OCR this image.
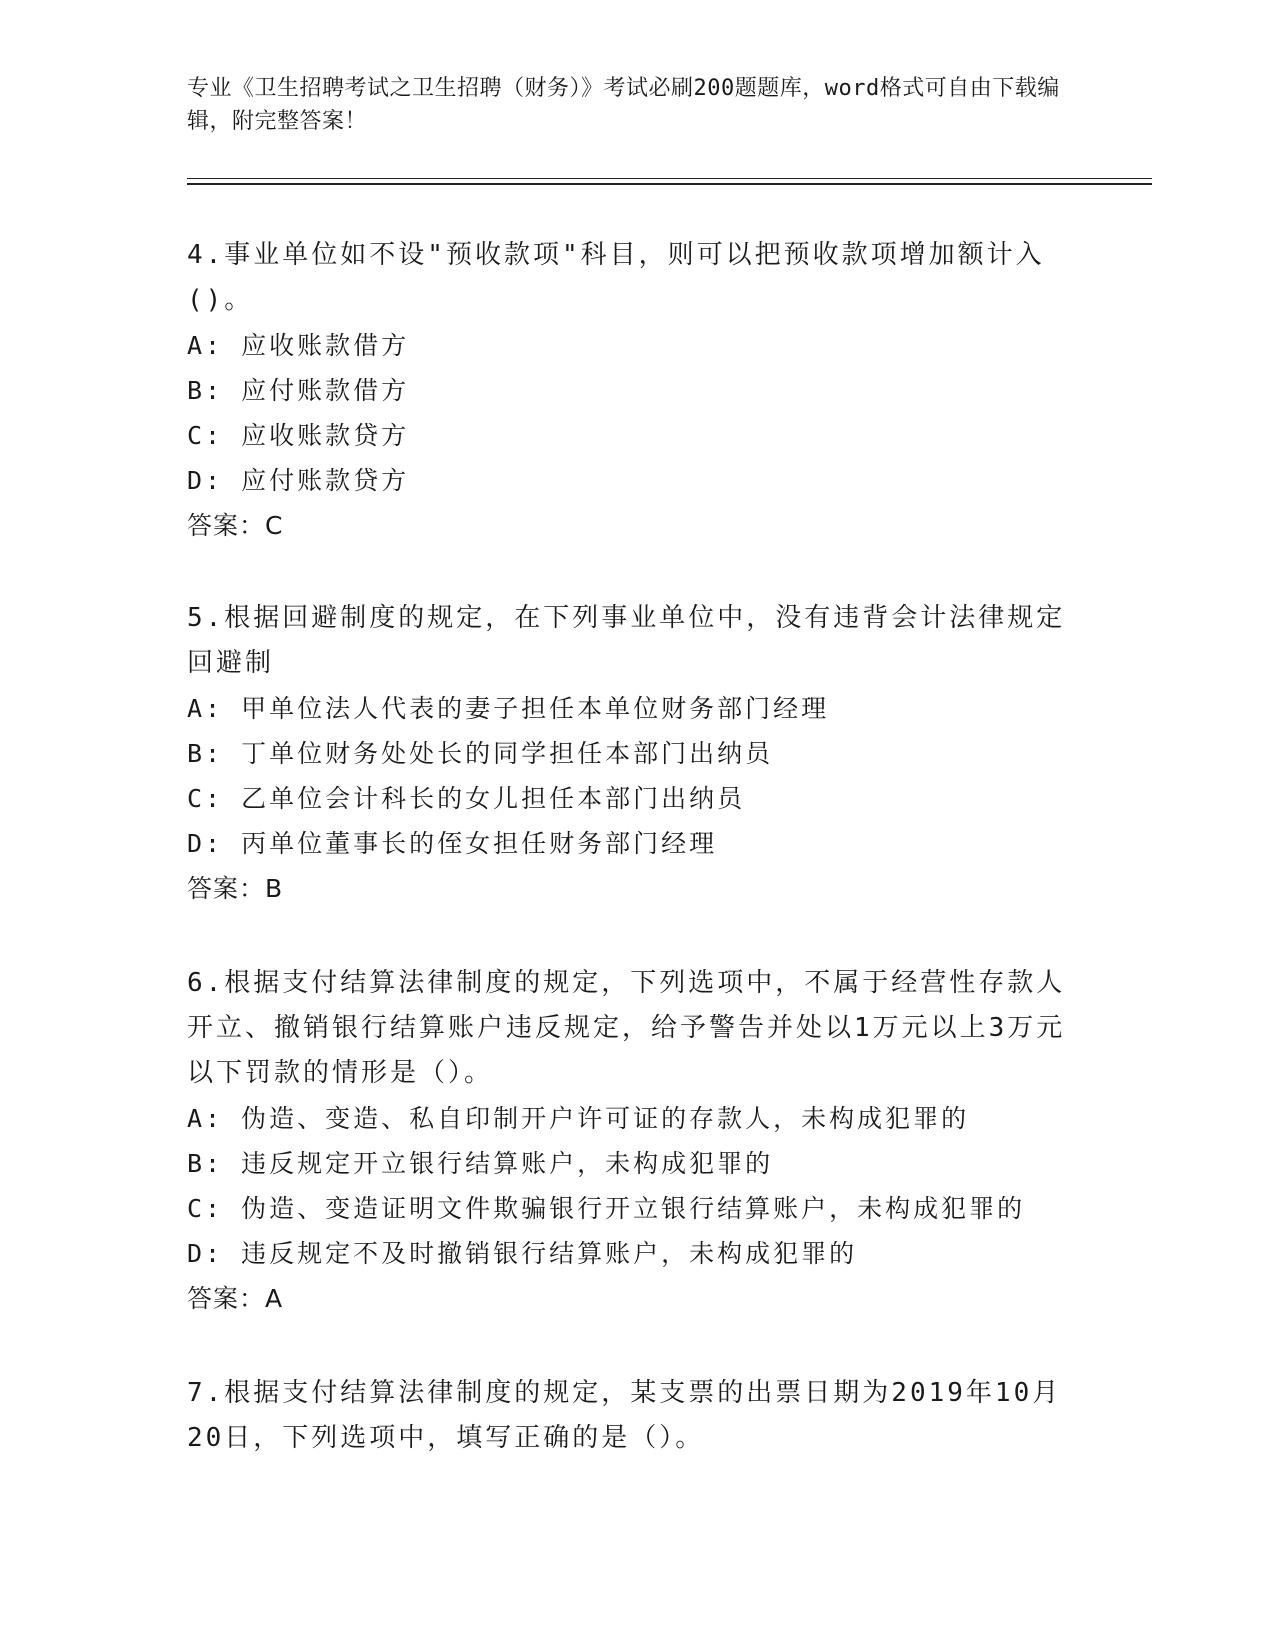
专业《卫生招聘考试之卫生招聘（财务）》考试必刷200题题库，word格式可自由下载编辑，附完整答案！
4.事业单位如不设"预收款项"科目，则可以把预收款项增加额计入()。
A: 应收账款借方
B: 应付账款借方
C: 应收账款贷方
D: 应付账款贷方
答案：C
5.根据回避制度的规定，在下列事业单位中，没有违背会计法律规定回避制
A: 甲单位法人代表的妻子担任本单位财务部门经理
B: 丁单位财务处处长的同学担任本部门出纳员
C: 乙单位会计科长的女儿担任本部门出纳员
D: 丙单位董事长的侄女担任财务部门经理
答案：B
6.根据支付结算法律制度的规定，下列选项中，不属于经营性存款人开立、撤销银行结算账户违反规定，给予警告并处以1万元以上3万元以下罚款的情形是（）。
A: 伪造、变造、私自印制开户许可证的存款人，未构成犯罪的
B: 违反规定开立银行结算账户，未构成犯罪的
C: 伪造、变造证明文件欺骗银行开立银行结算账户，未构成犯罪的
D: 违反规定不及时撤销银行结算账户，未构成犯罪的
答案：A
7.根据支付结算法律制度的规定，某支票的出票日期为2019年10月20日，下列选项中，填写正确的是（）。
